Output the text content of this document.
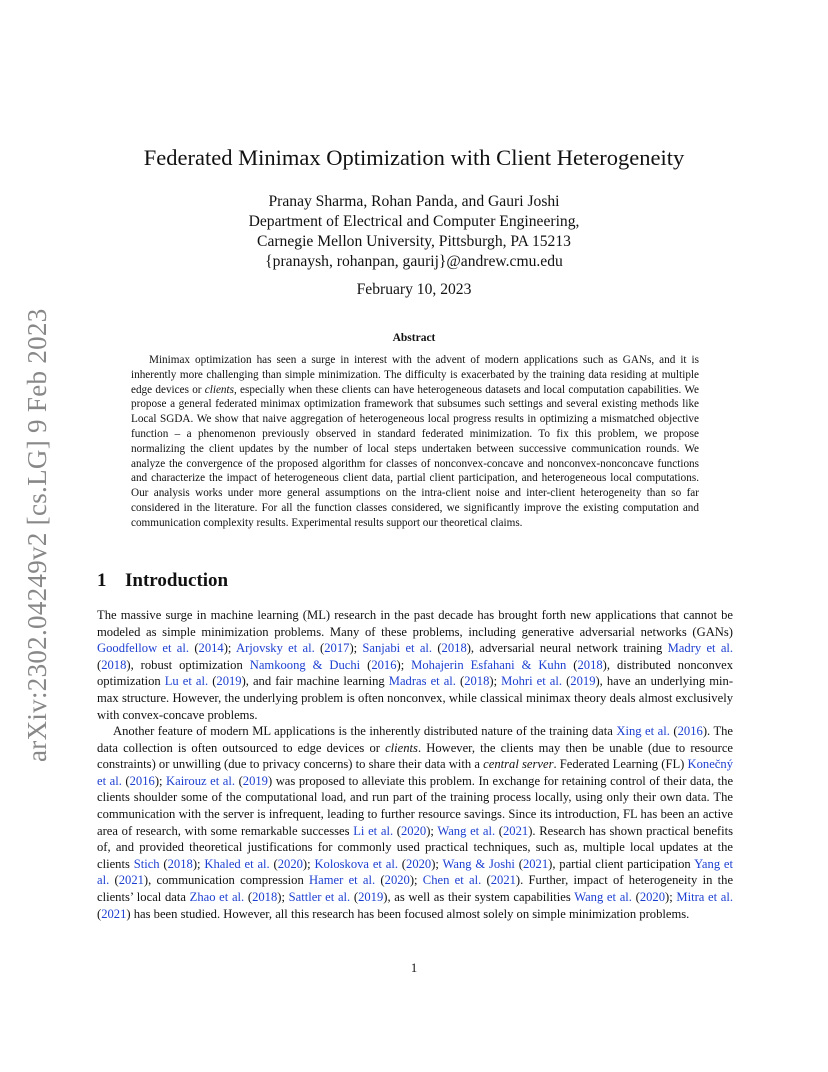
arXiv:2302.04249v2 [cs.LG] 9 Feb 2023
Federated Minimax Optimization with Client Heterogeneity
Pranay Sharma, Rohan Panda, and Gauri Joshi
Department of Electrical and Computer Engineering,
Carnegie Mellon University, Pittsburgh, PA 15213
{pranaysh, rohanpan, gaurij}@andrew.cmu.edu
February 10, 2023
Abstract

Minimax optimization has seen a surge in interest with the advent of modern applications such as GANs, and it is inherently more challenging than simple minimization. The difficulty is exacerbated by the training data residing at multiple edge devices or clients, especially when these clients can have heterogeneous datasets and local computation capabilities. We propose a general federated minimax optimization framework that subsumes such settings and several existing methods like Local SGDA. We show that naive aggregation of heterogeneous local progress results in optimizing a mismatched objective function – a phenomenon previously observed in standard federated minimization. To fix this problem, we propose normalizing the client updates by the number of local steps undertaken between successive communication rounds. We analyze the convergence of the proposed algorithm for classes of nonconvex-concave and nonconvex-nonconcave functions and characterize the impact of heterogeneous client data, partial client participation, and heterogeneous local computations. Our analysis works under more general assumptions on the intra-client noise and inter-client heterogeneity than so far considered in the literature. For all the function classes considered, we significantly improve the existing computation and communication complexity results. Experimental results support our theoretical claims.

1 Introduction

The massive surge in machine learning (ML) research in the past decade has brought forth new applications that cannot be modeled as simple minimization problems. Many of these problems, including generative adversarial networks (GANs) Goodfellow et al. (2014); Arjovsky et al. (2017); Sanjabi et al. (2018), adversarial neural network training Madry et al. (2018), robust optimization Namkoong & Duchi (2016); Mohajerin Esfahani & Kuhn (2018), distributed nonconvex optimization Lu et al. (2019), and fair machine learning Madras et al. (2018); Mohri et al. (2019), have an underlying min-max structure. However, the underlying problem is often nonconvex, while classical minimax theory deals almost exclusively with convex-concave problems.

Another feature of modern ML applications is the inherently distributed nature of the training data Xing et al. (2016). The data collection is often outsourced to edge devices or clients. However, the clients may then be unable (due to resource constraints) or unwilling (due to privacy concerns) to share their data with a central server. Federated Learning (FL) Konečný et al. (2016); Kairouz et al. (2019) was proposed to alleviate this problem. In exchange for retaining control of their data, the clients shoulder some of the computational load, and run part of the training process locally, using only their own data. The communication with the server is infrequent, leading to further resource savings. Since its introduction, FL has been an active area of research, with some remarkable successes Li et al. (2020); Wang et al. (2021). Research has shown practical benefits of, and provided theoretical justifications for commonly used practical techniques, such as, multiple local updates at the clients Stich (2018); Khaled et al. (2020); Koloskova et al. (2020); Wang & Joshi (2021), partial client participation Yang et al. (2021), communication compression Hamer et al. (2020); Chen et al. (2021). Further, impact of heterogeneity in the clients’ local data Zhao et al. (2018); Sattler et al. (2019), as well as their system capabilities Wang et al. (2020); Mitra et al. (2021) has been studied. However, all this research has been focused almost solely on simple minimization problems.

1
